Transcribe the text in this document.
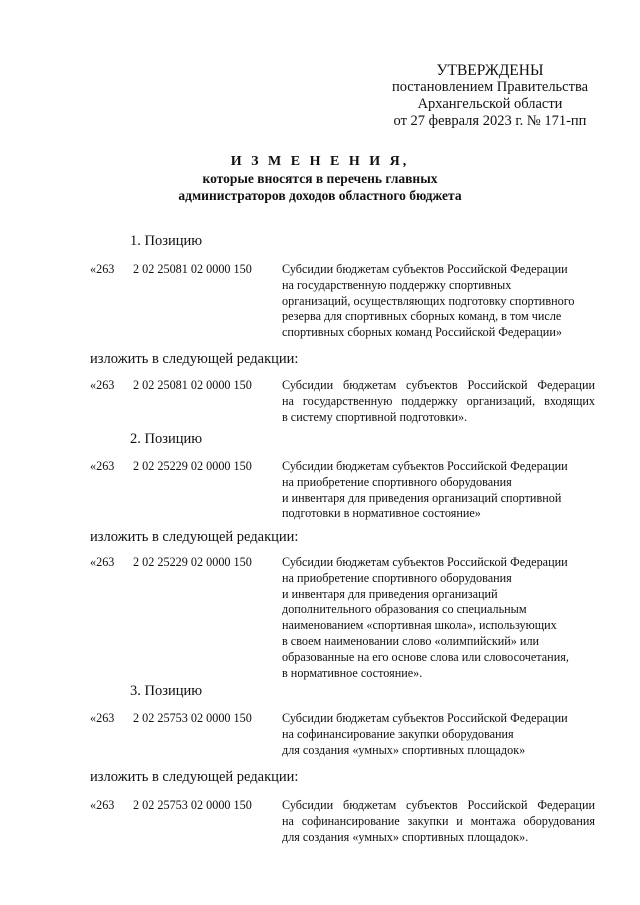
УТВЕРЖДЕНЫ
постановлением Правительства
Архангельской области
от 27 февраля 2023 г. № 171-пп
И З М Е Н Е Н И Я,
которые вносятся в перечень главных
администраторов доходов областного бюджета
1. Позицию
«263 2 02 25081 02 0000 150 Субсидии бюджетам субъектов Российской Федерации
на государственную поддержку спортивных
организаций, осуществляющих подготовку спортивного
резерва для спортивных сборных команд, в том числе
спортивных сборных команд Российской Федерации»
изложить в следующей редакции:
«263 2 02 25081 02 0000 150 Субсидии бюджетам субъектов Российской Федерации
на государственную поддержку организаций, входящих
в систему спортивной подготовки».
2. Позицию
«263 2 02 25229 02 0000 150 Субсидии бюджетам субъектов Российской Федерации
на приобретение спортивного оборудования
и инвентаря для приведения организаций спортивной
подготовки в нормативное состояние»
изложить в следующей редакции:
«263 2 02 25229 02 0000 150 Субсидии бюджетам субъектов Российской Федерации
на приобретение спортивного оборудования
и инвентаря для приведения организаций
дополнительного образования со специальным
наименованием «спортивная школа», использующих
в своем наименовании слово «олимпийский» или
образованные на его основе слова или словосочетания,
в нормативное состояние».
3. Позицию
«263 2 02 25753 02 0000 150 Субсидии бюджетам субъектов Российской Федерации
на софинансирование закупки оборудования
для создания «умных» спортивных площадок»
изложить в следующей редакции:
«263 2 02 25753 02 0000 150 Субсидии бюджетам субъектов Российской Федерации
на софинансирование закупки и монтажа оборудования
для создания «умных» спортивных площадок».
